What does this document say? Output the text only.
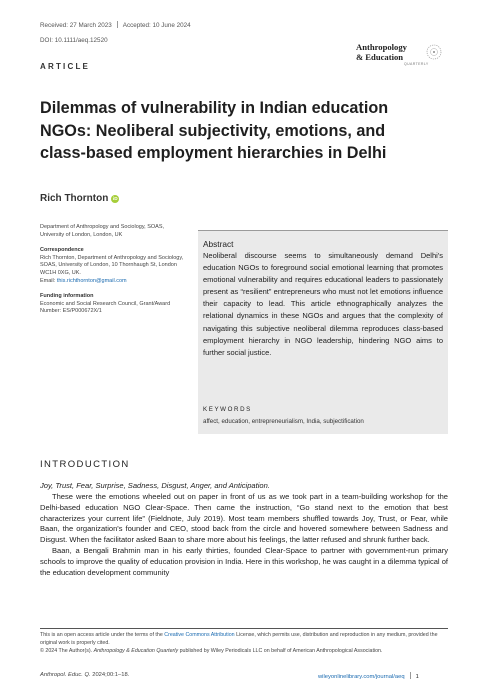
Received: 27 March 2023 Accepted: 10 June 2024
DOI: 10.1111/aeq.12520
Anthropology
& Education
QUARTERLY
ARTICLE
Dilemmas of vulnerability in Indian education
NGOs: Neoliberal subjectivity, emotions, and
class-based employment hierarchies in Delhi
Rich Thornton iD
Department of Anthropology and Sociology, SOAS, University of London, London, UK
Correspondence
Rich Thornton, Department of Anthropology and Sociology, SOAS, University of London, 10 Thornhaugh St, London WC1H 0XG, UK.
Email: this.richthornton@gmail.com
Funding information
Economic and Social Research Council, Grant/Award Number: ES/P000672X/1
Abstract

Neoliberal discourse seems to simultaneously demand Delhi's education NGOs to foreground social emotional learning that promotes emotional vulnerability and requires educational leaders to passionately present as “resilient” entrepreneurs who must not let emotions influence their capacity to lead. This article ethnographically analyzes the relational dynamics in these NGOs and argues that the complexity of navigating this subjective neoliberal dilemma reproduces class-based employment hierarchy in NGO leadership, hindering NGO aims to further social justice.

KEYWORDS
affect, education, entrepreneurialism, India, subjectification
INTRODUCTION

Joy, Trust, Fear, Surprise, Sadness, Disgust, Anger, and Anticipation.

These were the emotions wheeled out on paper in front of us as we took part in a team-building workshop for the Delhi-based education NGO Clear-Space. Then came the instruction, “Go stand next to the emotion that best characterizes your current life” (Fieldnote, July 2019). Most team members shuffled towards Joy, Trust, or Fear, while Baan, the organization's founder and CEO, stood back from the circle and hovered somewhere between Sadness and Disgust. When the facilitator asked Baan to share more about his feelings, the latter refused and shrunk further back.

Baan, a Bengali Brahmin man in his early thirties, founded Clear-Space to partner with government-run primary schools to improve the quality of education provision in India. Here in this workshop, he was caught in a dilemma typical of the education development community

This is an open access article under the terms of the Creative Commons Attribution License, which permits use, distribution and reproduction in any medium, provided the original work is properly cited.
© 2024 The Author(s). Anthropology & Education Quarterly published by Wiley Periodicals LLC on behalf of American Anthropological Association.
Anthropol. Educ. Q. 2024;00:1–18.	wileyonlinelibrary.com/journal/aeq 1
